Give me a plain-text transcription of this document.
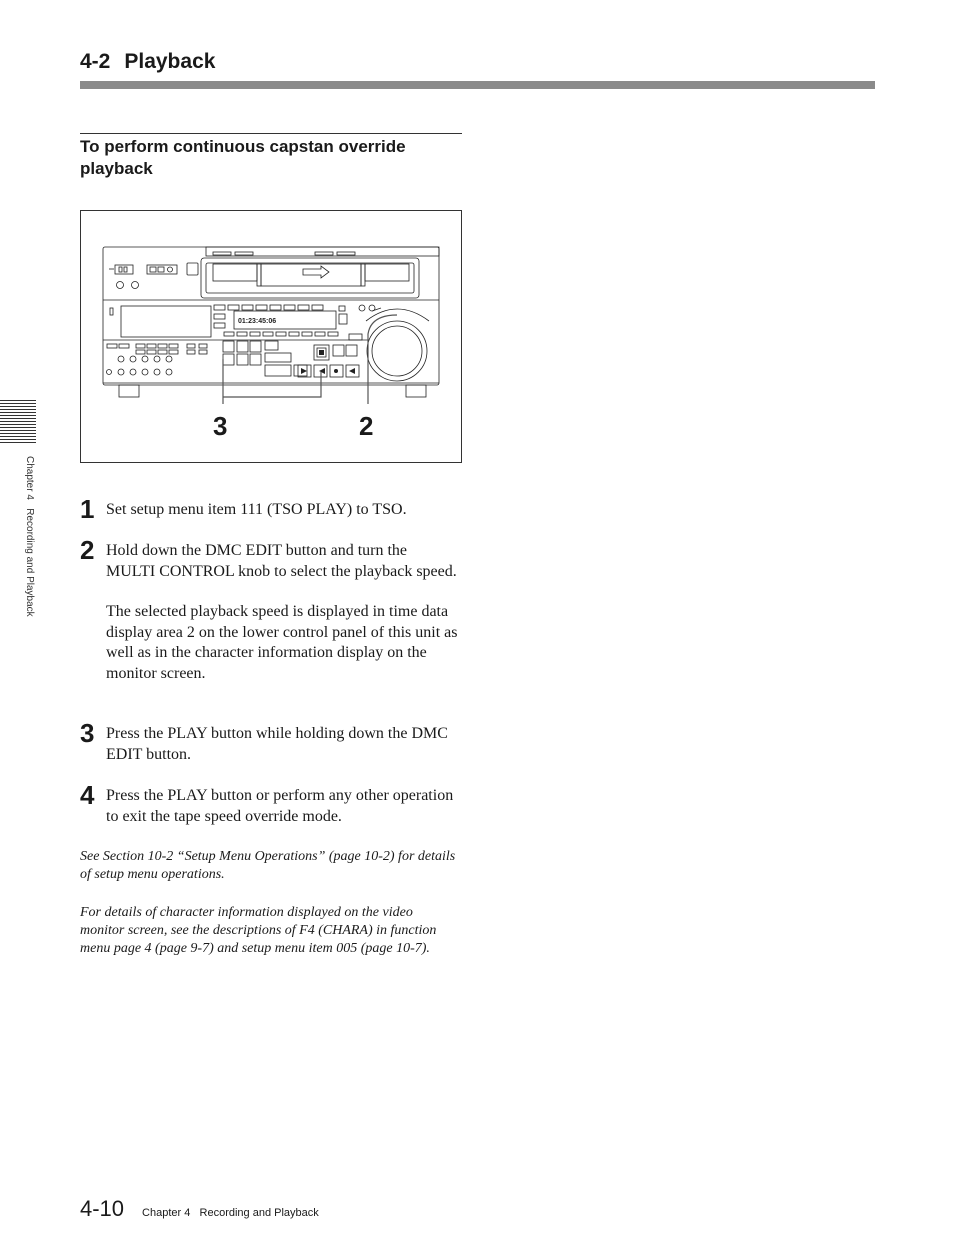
4-2 Playback
To perform continuous capstan override playback
01:23:45:06
3	2
1 Set setup menu item 111 (TSO PLAY) to TSO.

2 Hold down the DMC EDIT button and turn the MULTI CONTROL knob to select the playback speed.

The selected playback speed is displayed in time data display area 2 on the lower control panel of this unit as well as in the character information display on the monitor screen.

3 Press the PLAY button while holding down the DMC EDIT button.

4 Press the PLAY button or perform any other operation to exit the tape speed override mode.

See Section 10-2 “Setup Menu Operations” (page 10-2) for details of setup menu operations.
For details of character information displayed on the video monitor screen, see the descriptions of F4 (CHARA) in function menu page 4 (page 9-7) and setup menu item 005 (page 10-7).
Chapter 4   Recording and Playback
4-10 Chapter 4   Recording and Playback
